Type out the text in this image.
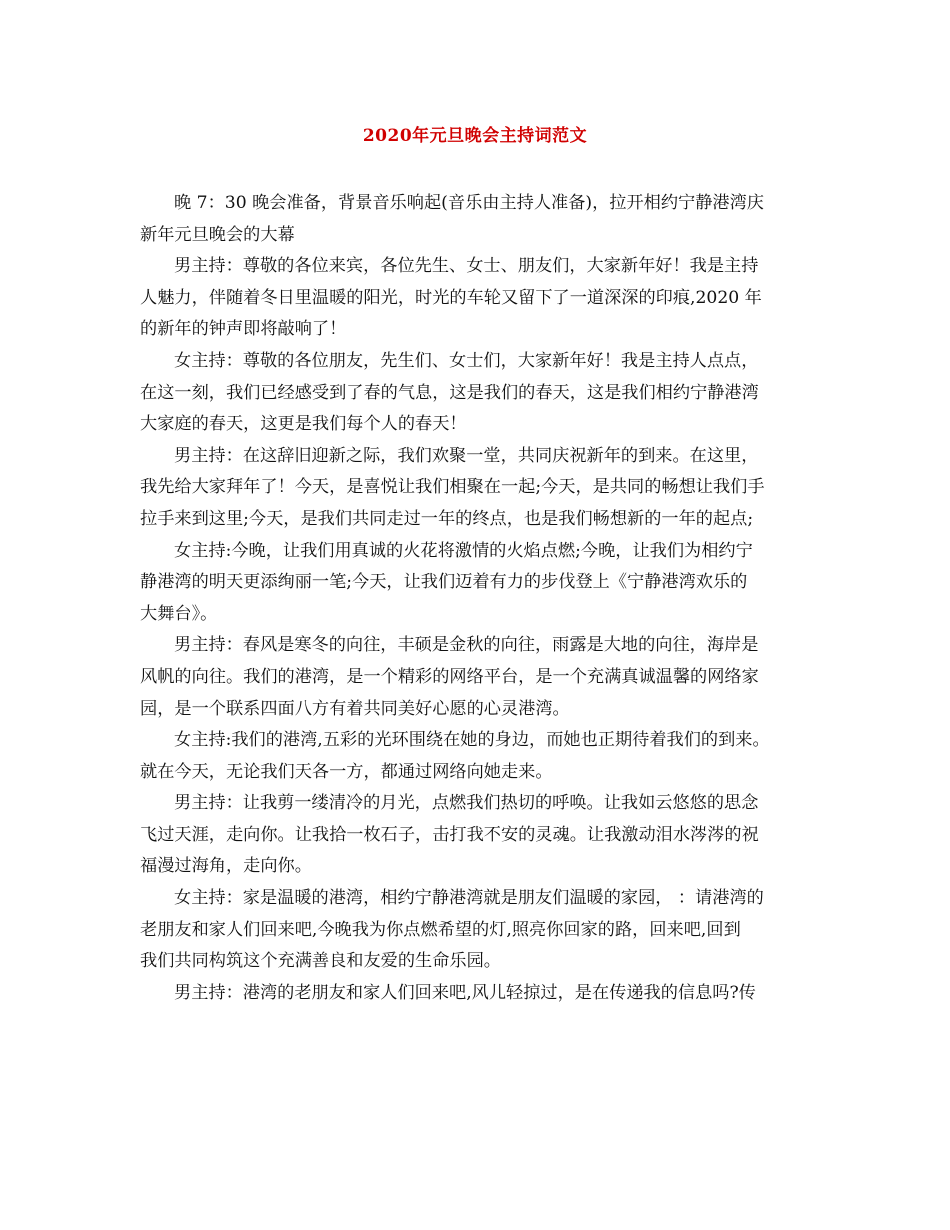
2020年元旦晚会主持词范文
晚 7：30 晚会准备，背景音乐响起(音乐由主持人准备)，拉开相约宁静港湾庆
新年元旦晚会的大幕
男主持：尊敬的各位来宾，各位先生、女士、朋友们，大家新年好！我是主持
人魅力，伴随着冬日里温暖的阳光，时光的车轮又留下了一道深深的印痕,2020 年
的新年的钟声即将敲响了！
女主持：尊敬的各位朋友，先生们、女士们，大家新年好！我是主持人点点，
在这一刻，我们已经感受到了春的气息，这是我们的春天，这是我们相约宁静港湾
大家庭的春天，这更是我们每个人的春天！
男主持：在这辞旧迎新之际，我们欢聚一堂，共同庆祝新年的到来。在这里，
我先给大家拜年了！今天，是喜悦让我们相聚在一起;今天，是共同的畅想让我们手
拉手来到这里;今天，是我们共同走过一年的终点，也是我们畅想新的一年的起点;
女主持:今晚，让我们用真诚的火花将激情的火焰点燃;今晚，让我们为相约宁
静港湾的明天更添绚丽一笔;今天，让我们迈着有力的步伐登上《宁静港湾欢乐的
大舞台》。
男主持：春风是寒冬的向往，丰硕是金秋的向往，雨露是大地的向往，海岸是
风帆的向往。我们的港湾，是一个精彩的网络平台，是一个充满真诚温馨的网络家
园，是一个联系四面八方有着共同美好心愿的心灵港湾。
女主持:我们的港湾,五彩的光环围绕在她的身边，而她也正期待着我们的到来。
就在今天，无论我们天各一方，都通过网络向她走来。
男主持：让我剪一缕清冷的月光，点燃我们热切的呼唤。让我如云悠悠的思念
飞过天涯，走向你。让我拾一枚石子，击打我不安的灵魂。让我激动泪水涔涔的祝
福漫过海角，走向你。
女主持：家是温暖的港湾，相约宁静港湾就是朋友们温暖的家园， ：请港湾的
老朋友和家人们回来吧,今晚我为你点燃希望的灯,照亮你回家的路，回来吧,回到
我们共同构筑这个充满善良和友爱的生命乐园。
男主持：港湾的老朋友和家人们回来吧,风儿轻掠过，是在传递我的信息吗?传
